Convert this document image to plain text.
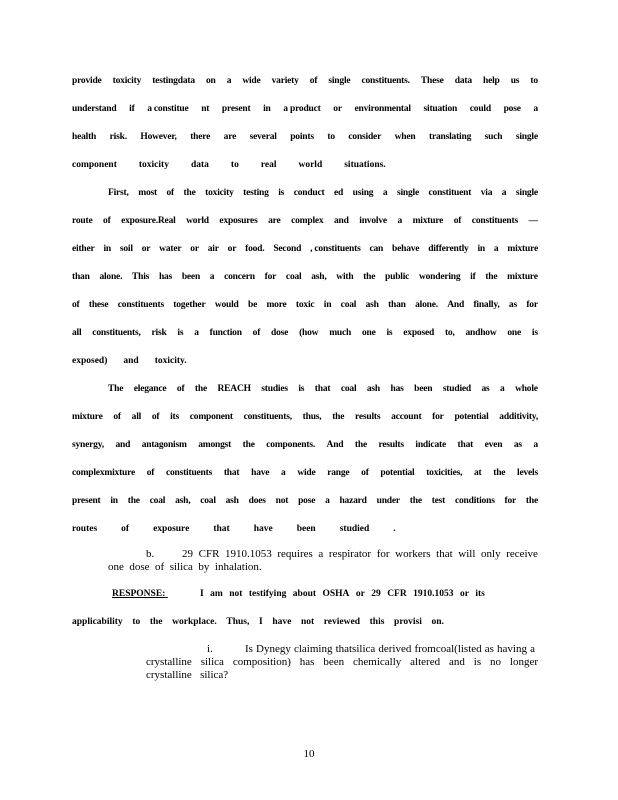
provide toxicity testingdata on a wide variety of single constituents. These data help us to
understand if a constitue nt present in a product or environmental situation could pose a
health risk. However, there are several points to consider when translating such single
component toxicity data to real world situations.
First, most of the toxicity testing is conduct ed using a single constituent via a single
route of exposure.Real world exposures are complex and involve a mixture of constituents —
either in soil or water or air or food. Second , constituents can behave differently in a mixture
than alone. This has been a concern for coal ash, with the public wondering if the mixture
of these constituents together would be more toxic in coal ash than alone. And finally, as for
all constituents, risk is a function of dose (how much one is exposed to, andhow one is
exposed) and toxicity.
The elegance of the REACH studies is that coal ash has been studied as a whole
mixture of all of its component constituents, thus, the results account for potential additivity,
synergy, and antagonism amongst the components. And the results indicate that even as a
complexmixture of constituents that have a wide range of potential toxicities, at the levels
present in the coal ash, coal ash does not pose a hazard under the test conditions for the
routes	of	exposure	that	have	been	studied	.
b.	29 CFR 1910.1053 requires a respirator for workers that will only receive
one  dose  of  silica  by  inhalation.
RESPONSE:	I am not testifying about OSHA or 29 CFR 1910.1053 or its
applicability to the workplace. Thus, I have not reviewed this provisi on.
i.	Is Dynegy claiming thatsilica derived fromcoal(listed as having a
crystalline silica composition) has been chemically altered and is no longer
crystalline   silica?
10
